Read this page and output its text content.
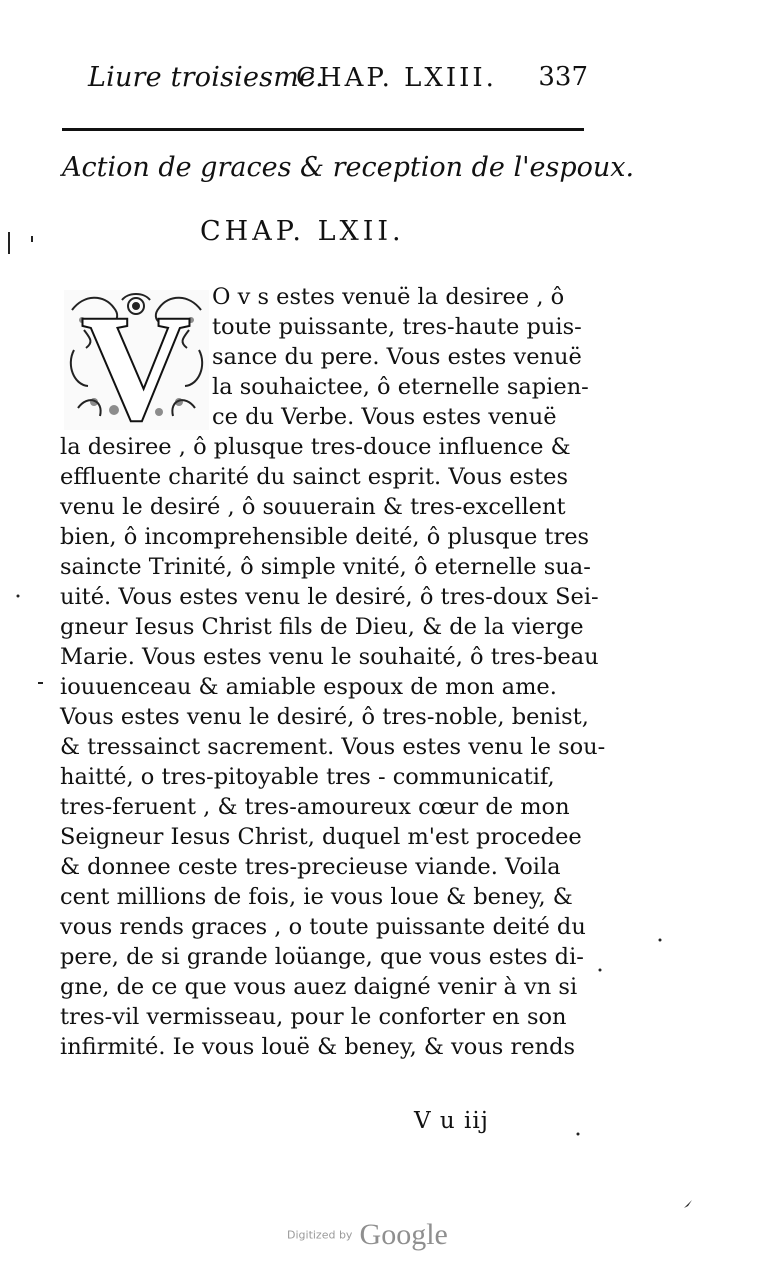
Liure troisiesme.
CHAP. LXIII. 337
Action de graces & reception de l'espoux.
CHAP. LXII.
V O v s estes venuë la desiree , ô
toute puissante, tres-haute puis-
sance du pere. Vous estes venuë
la souhaictee, ô eternelle sapien-
ce du Verbe. Vous estes venuë
la desiree , ô plusque tres-douce influence &
effluente charité du sainct esprit. Vous estes
venu le desiré , ô souuerain & tres-excellent
bien, ô incomprehensible deité, ô plusque tres
saincte Trinité, ô simple vnité, ô eternelle sua-
uité. Vous estes venu le desiré, ô tres-doux Sei-
gneur Iesus Christ fils de Dieu, & de la vierge
Marie. Vous estes venu le souhaité, ô tres-beau
iouuenceau & amiable espoux de mon ame.
Vous estes venu le desiré, ô tres-noble, benist,
& tressainct sacrement. Vous estes venu le sou-
haitté, o tres-pitoyable tres - communicatif,
tres-feruent , & tres-amoureux cœur de mon
Seigneur Iesus Christ, duquel m'est procedee
& donnee ceste tres-precieuse viande. Voila
cent millions de fois, ie vous loue & beney, &
vous rends graces , o toute puissante deité du
pere, de si grande loüange, que vous estes di-
gne, de ce que vous auez daigné venir à vn si
tres-vil vermisseau, pour le conforter en son
infirmité. Ie vous louë & beney, & vous rends
V u iij
Digitized by Google
